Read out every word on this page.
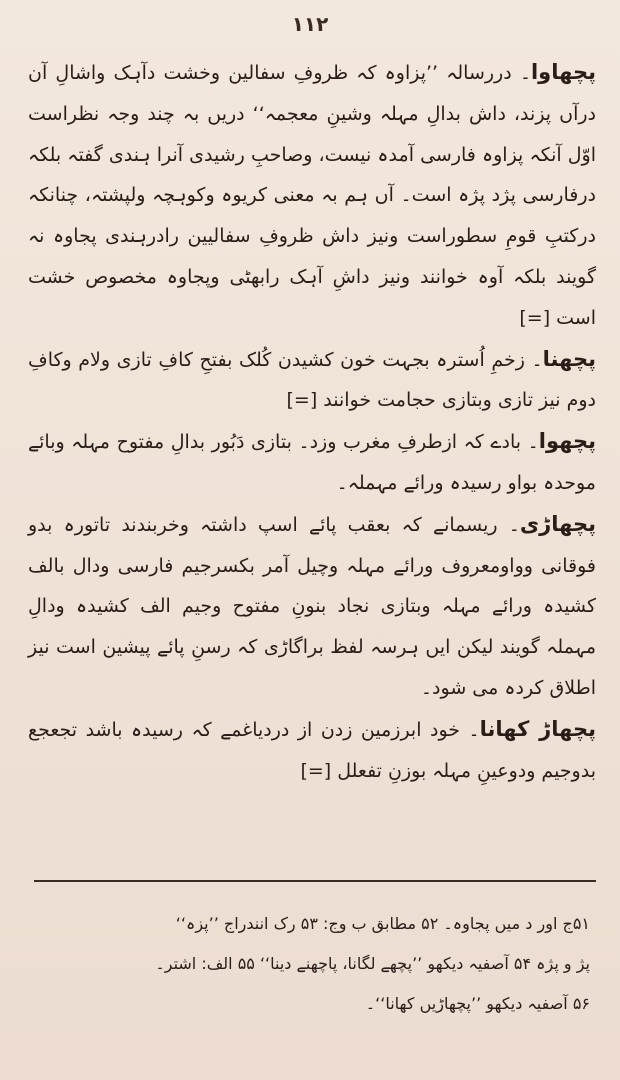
١١٢

پچھاوا۔ دررسالہ ’’پزاوہ کہ ظروفِ سفالین وخشت دآہک واشالِ آن درآں پزند، داش بدالِ مہلہ وشینِ معجمہ‘‘ دریں بہ چند وجہ نظراست اوّل آنکہ پزاوہ فارسی آمدہ نیست، وصاحبِ رشیدی آنرا ہندی گفتہ بلکہ درفارسی پژد پژہ است۔ آں ہم بہ معنی کریوہ وکوہچہ ولپشتہ، چنانکہ درکتبِ قومِ سطوراست ونیز داش ظروفِ سفالیین رادرہندی پجاوہ نہ گویند بلکہ آوہ خوانند ونیز داشِ آہک رابھٹی وپجاوہ مخصوص خشت است [=]

پچھنا۔ زخمِ اُسترہ بجہت خون کشیدن کُلک بفتحِ کافِ تازی ولام وکافِ دوم نیز تازی وبتازی حجامت خوانند [=]

پچھوا۔ بادے کہ ازطرفِ مغرب وزد۔ بتازی دَبُور بدالِ مفتوح مہلہ وبائے موحدہ بواو رسیدہ ورائے مہملہ۔

پچھاڑی۔ ریسمانے کہ بعقب پائے اسپ داشتہ وخربندند تاتورہ بدو فوقانی وواومعروف ورائے مہلہ وچیل آمر بکسرجیم فارسی ودال بالف کشیدہ ورائے مہلہ وبتازی نجاد بنونِ مفتوح وجیم الف کشیدہ ودالِ مہملہ گویند لیکن ایں ہرسہ لفظ براگاڑی کہ رسنِ پائے پیشین است نیز اطلاق کردہ می شود۔

پچھاڑ کھانا۔ خود ابرزمین زدن از دردیاغمے کہ رسیدہ باشد تجعجع بدوجیم ودوعینِ مہلہ بوزنِ تفعلل [=]

۵۱ج اور د میں پجاوہ۔ ۵۲ مطابق ب وج: ۵۳ رک انندراج ’’پزہ‘‘

پژ و پژہ ۵۴ آصفیہ دیکھو ’’پچھے لگانا، پاچھنے دینا‘‘ ۵۵ الف: اشتر۔

۵۶ آصفیہ دیکھو ’’پچھاڑیں کھانا‘‘۔
